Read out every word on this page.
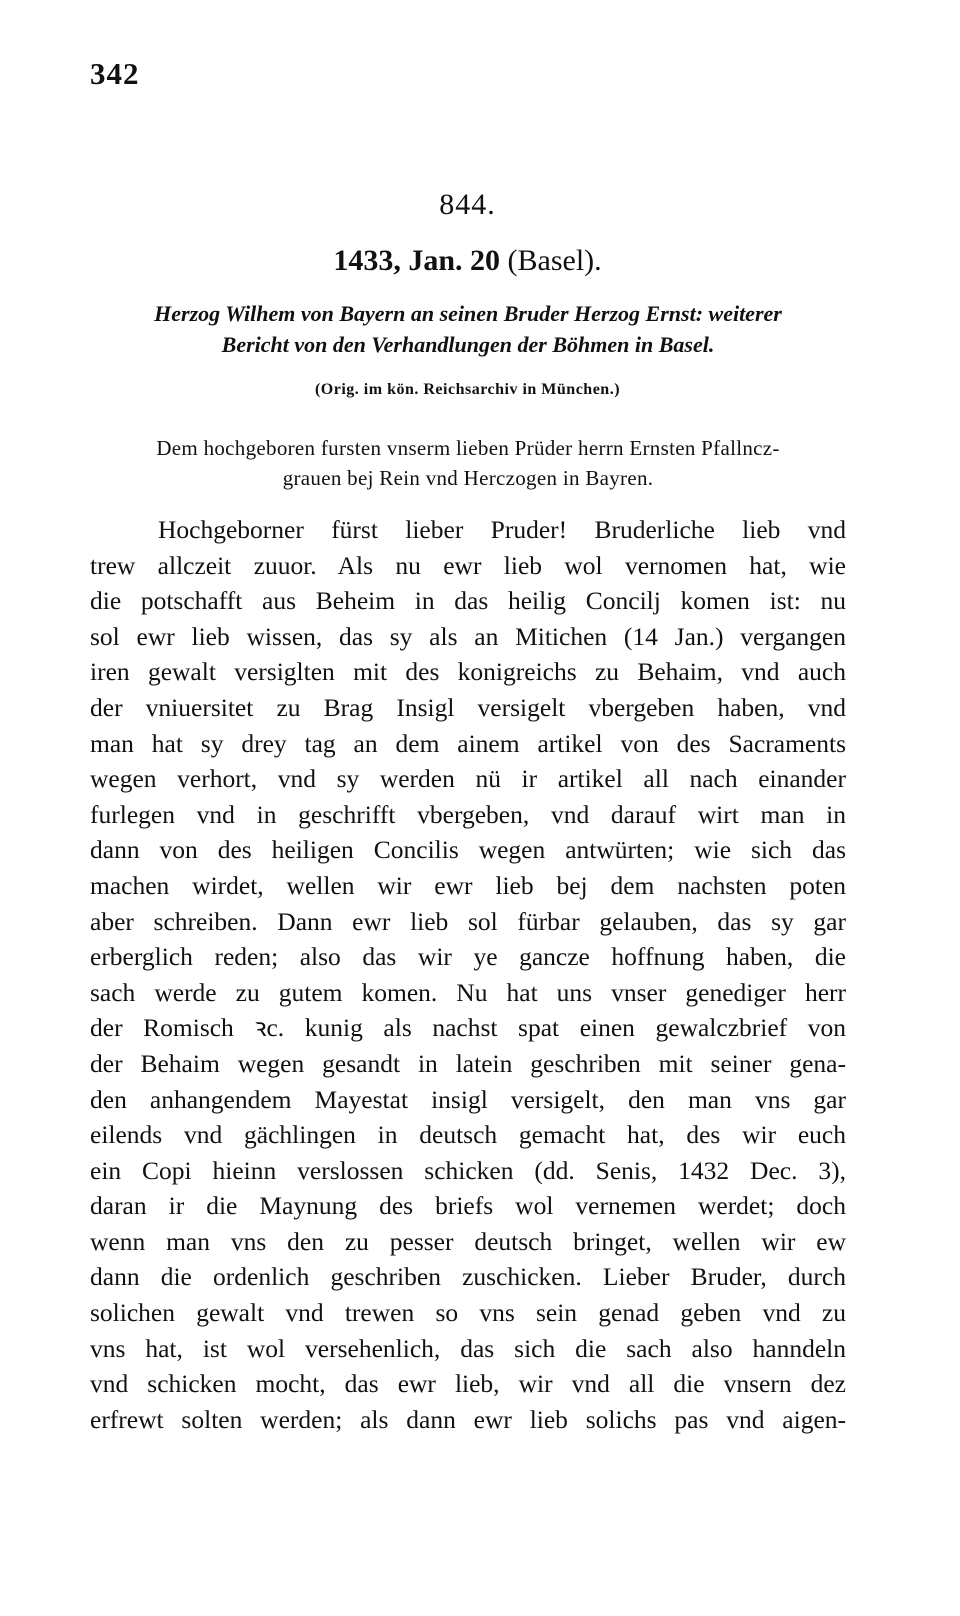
342
844.
1433, Jan. 20 (Basel).
Herzog Wilhem von Bayern an seinen Bruder Herzog Ernst: weiterer
Bericht von den Verhandlungen der Böhmen in Basel.
(Orig. im kön. Reichsarchiv in München.)
Dem hochgeboren fursten vnserm lieben Prüder herrn Ernsten Pfallncz-
grauen bej Rein vnd Herczogen in Bayren.
Hochgeborner fürst lieber Pruder! Bruderliche lieb vnd
trew allczeit zuuor. Als nu ewr lieb wol vernomen hat, wie
die potschafft aus Beheim in das heilig Concilj komen ist: nu
sol ewr lieb wissen, das sy als an Mitichen (14 Jan.) vergangen
iren gewalt versiglten mit des konigreichs zu Behaim, vnd auch
der vniuersitet zu Brag Insigl versigelt vbergeben haben, vnd
man hat sy drey tag an dem ainem artikel von des Sacraments
wegen verhort, vnd sy werden nü ir artikel all nach einander
furlegen vnd in geschrifft vbergeben, vnd darauf wirt man in
dann von des heiligen Concilis wegen antwürten; wie sich das
machen wirdet, wellen wir ewr lieb bej dem nachsten poten
aber schreiben. Dann ewr lieb sol fürbar gelauben, das sy gar
erberglich reden; also das wir ye gancze hoffnung haben, die
sach werde zu gutem komen. Nu hat uns vnser genediger herr
der Romisch ꝛc. kunig als nachst spat einen gewalczbrief von
der Behaim wegen gesandt in latein geschriben mit seiner gena-
den anhangendem Mayestat insigl versigelt, den man vns gar
eilends vnd gächlingen in deutsch gemacht hat, des wir euch
ein Copi hieinn verslossen schicken (dd. Senis, 1432 Dec. 3),
daran ir die Maynung des briefs wol vernemen werdet; doch
wenn man vns den zu pesser deutsch bringet, wellen wir ew
dann die ordenlich geschriben zuschicken. Lieber Bruder, durch
solichen gewalt vnd trewen so vns sein genad geben vnd zu
vns hat, ist wol versehenlich, das sich die sach also hanndeln
vnd schicken mocht, das ewr lieb, wir vnd all die vnsern dez
erfrewt solten werden; als dann ewr lieb solichs pas vnd aigen-
